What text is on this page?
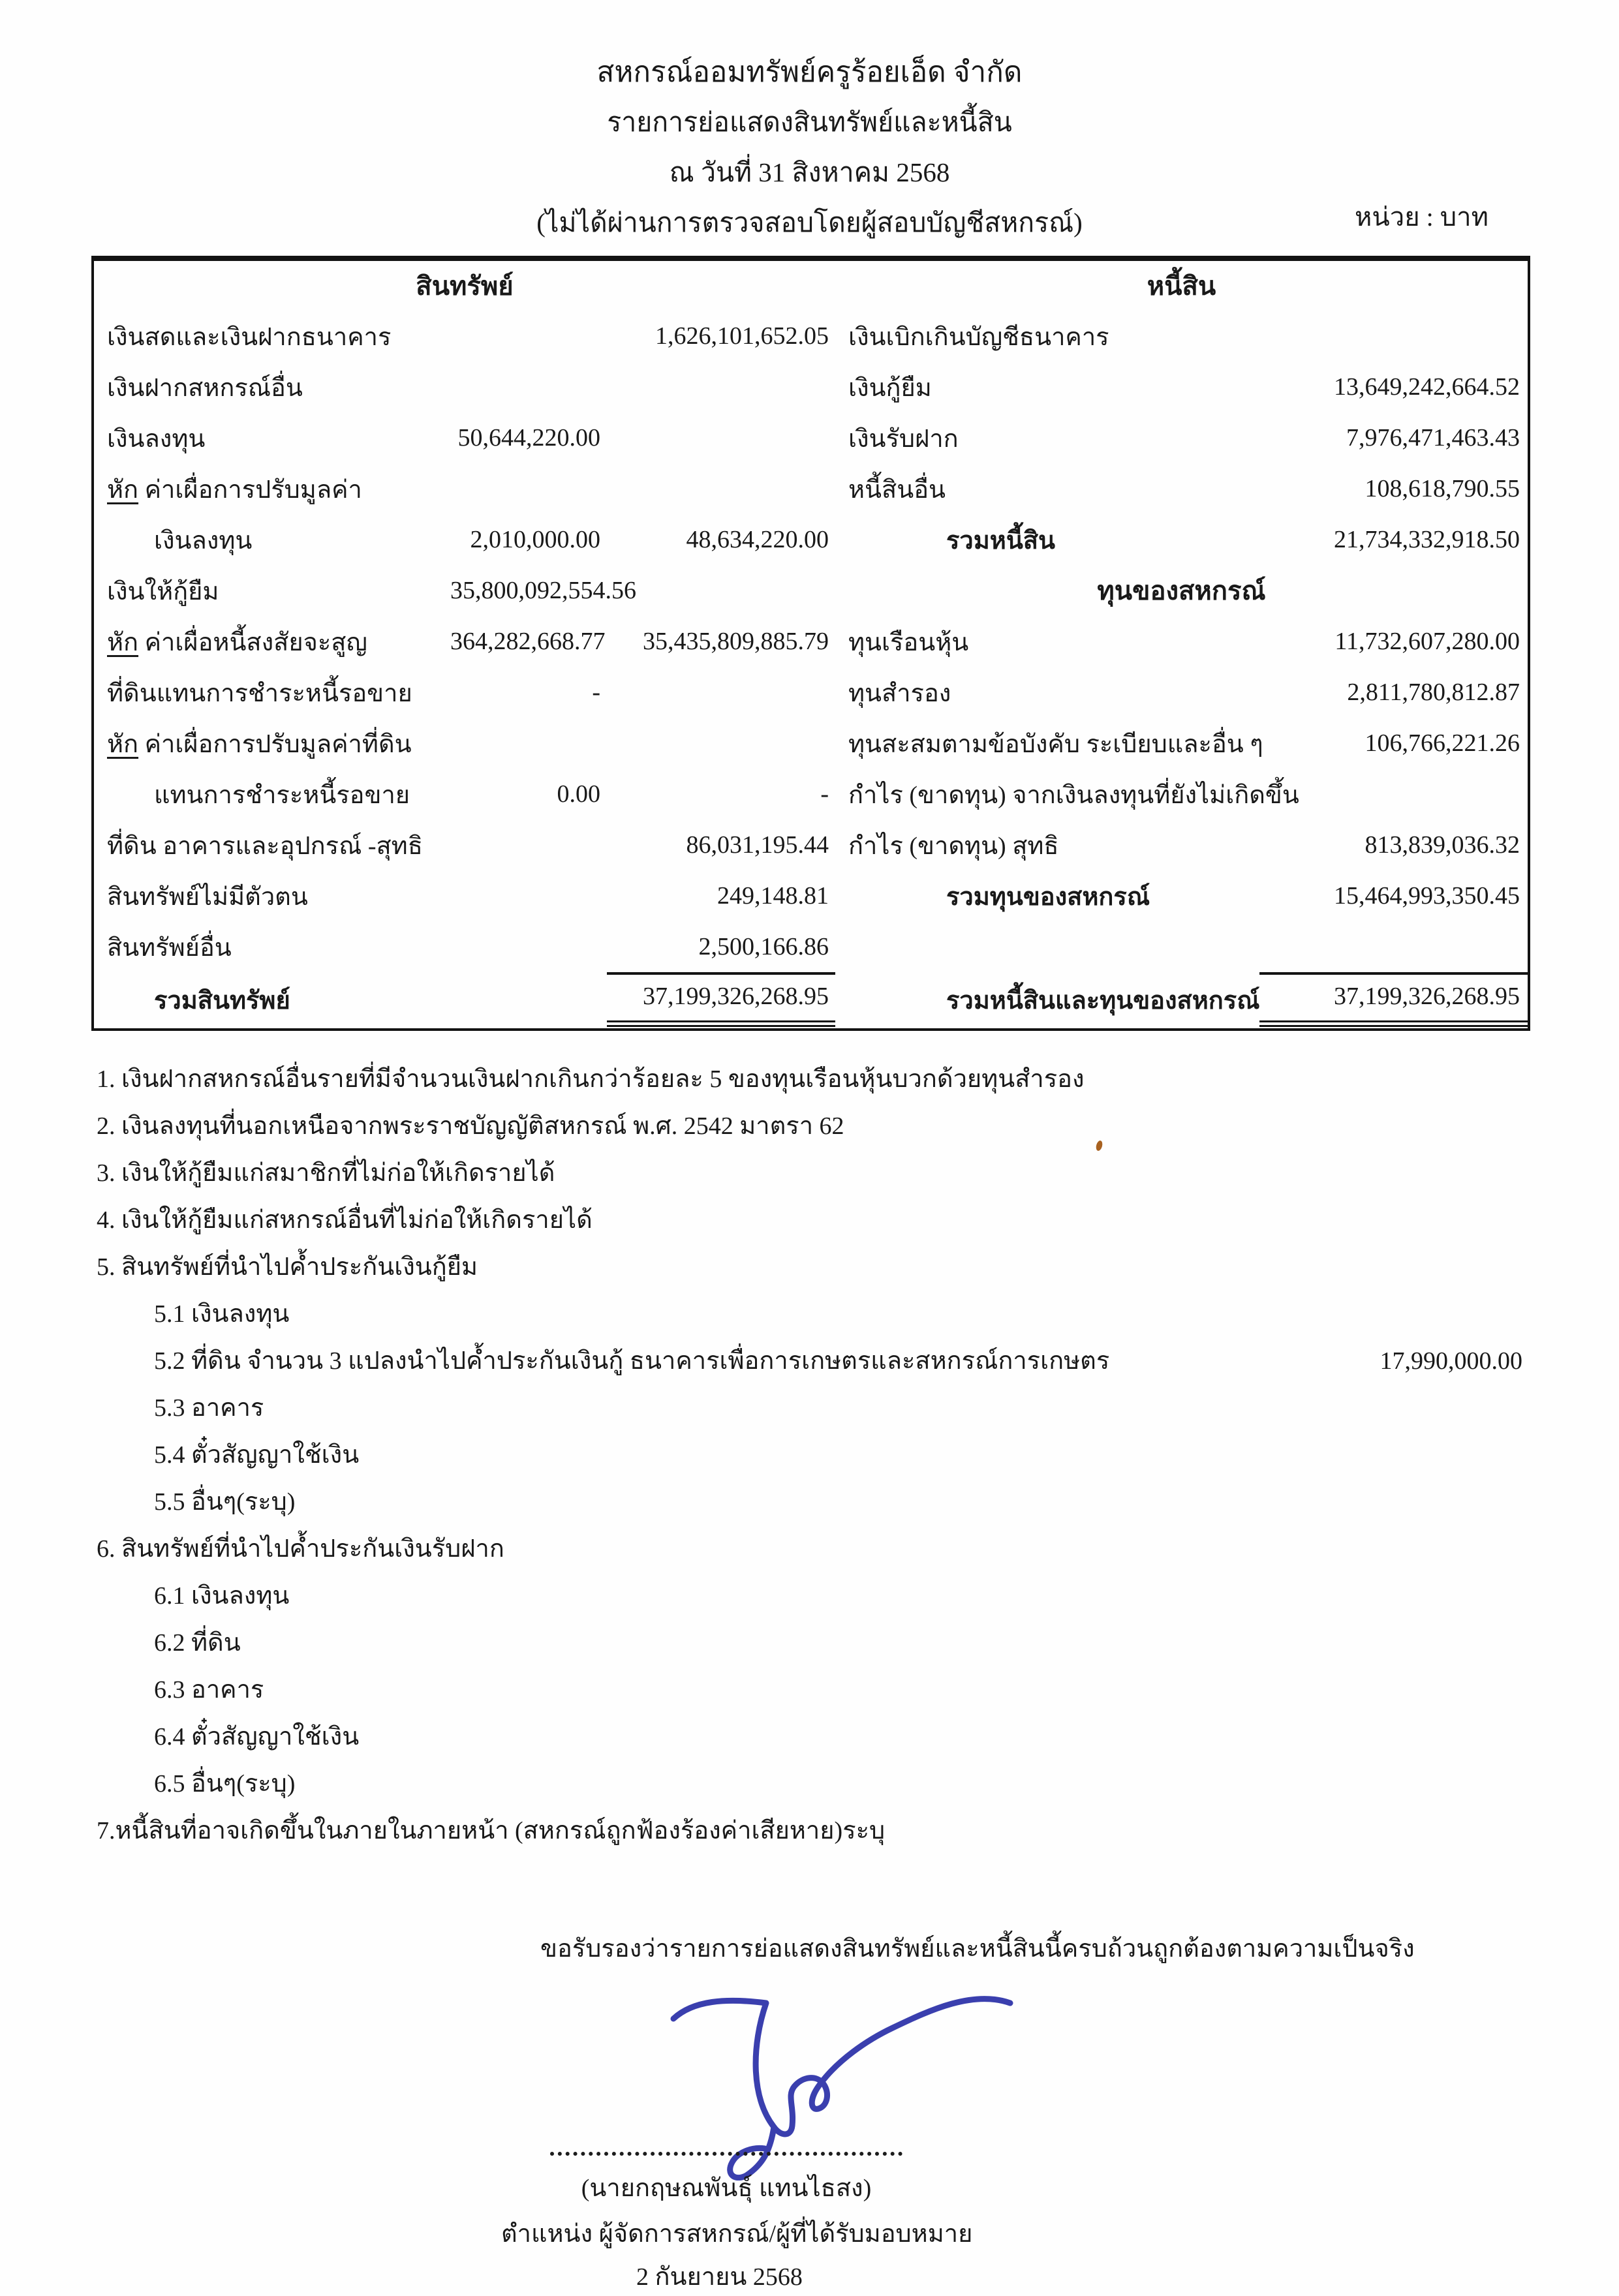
สหกรณ์ออมทรัพย์ครูร้อยเอ็ด จำกัด
รายการย่อแสดงสินทรัพย์และหนี้สิน
ณ วันที่ 31 สิงหาคม 2568
(ไม่ได้ผ่านการตรวจสอบโดยผู้สอบบัญชีสหกรณ์)	หน่วย : บาท
สินทรัพย์	หนี้สิน
เงินสดและเงินฝากธนาคาร	1,626,101,652.05 เงินเบิกเกินบัญชีธนาคาร
เงินฝากสหกรณ์อื่น	เงินกู้ยืม	13,649,242,664.52
เงินลงทุน	50,644,220.00	เงินรับฝาก	7,976,471,463.43
หัก ค่าเผื่อการปรับมูลค่า	หนี้สินอื่น	108,618,790.55
เงินลงทุน	2,010,000.00	48,634,220.00	รวมหนี้สิน	21,734,332,918.50
เงินให้กู้ยืม	35,800,092,554.56	ทุนของสหกรณ์
หัก ค่าเผื่อหนี้สงสัยจะสูญ	364,282,668.77	35,435,809,885.79 ทุนเรือนหุ้น	11,732,607,280.00
ที่ดินแทนการชำระหนี้รอขาย	-	ทุนสำรอง	2,811,780,812.87
หัก ค่าเผื่อการปรับมูลค่าที่ดิน	ทุนสะสมตามข้อบังคับ ระเบียบและอื่น ๆ	106,766,221.26
แทนการชำระหนี้รอขาย	0.00	- กำไร (ขาดทุน) จากเงินลงทุนที่ยังไม่เกิดขึ้น
ที่ดิน อาคารและอุปกรณ์ -สุทธิ	86,031,195.44 กำไร (ขาดทุน) สุทธิ	813,839,036.32
สินทรัพย์ไม่มีตัวตน	249,148.81	รวมทุนของสหกรณ์	15,464,993,350.45
สินทรัพย์อื่น	2,500,166.86
รวมสินทรัพย์	37,199,326,268.95	รวมหนี้สินและทุนของสหกรณ์	37,199,326,268.95
1.
เงินฝากสหกรณ์อื่นรายที่มีจำนวนเงินฝากเกินกว่าร้อยละ 5 ของทุนเรือนหุ้นบวกด้วยทุนสำรอง
2.
เงินลงทุนที่นอกเหนือจากพระราชบัญญัติสหกรณ์ พ.ศ. 2542 มาตรา 62
3.
เงินให้กู้ยืมแก่สมาชิกที่ไม่ก่อให้เกิดรายได้
4.
เงินให้กู้ยืมแก่สหกรณ์อื่นที่ไม่ก่อให้เกิดรายได้
5.
สินทรัพย์ที่นำไปค้ำประกันเงินกู้ยืม
5.1
เงินลงทุน
5.2
ที่ดิน จำนวน 3 แปลงนำไปค้ำประกันเงินกู้ ธนาคารเพื่อการเกษตรและสหกรณ์การเกษตร	17,990,000.00
5.3
อาคาร
5.4
ตั๋วสัญญาใช้เงิน
5.5
อื่นๆ(ระบุ)
6.
สินทรัพย์ที่นำไปค้ำประกันเงินรับฝาก
6.1
เงินลงทุน
6.2
ที่ดิน
6.3
อาคาร
6.4
ตั๋วสัญญาใช้เงิน
6.5
อื่นๆ(ระบุ)
7. หนี้สินที่อาจเกิดขึ้นในภายในภายหน้า (สหกรณ์ถูกฟ้องร้องค่าเสียหาย)ระบุ
ขอรับรองว่ารายการย่อแสดงสินทรัพย์และหนี้สินนี้ครบถ้วนถูกต้องตามความเป็นจริง
(นายกฤษณพันธุ์ แทนไธสง)
ตำแหน่ง ผู้จัดการสหกรณ์/ผู้ที่ได้รับมอบหมาย
2 กันยายน 2568
